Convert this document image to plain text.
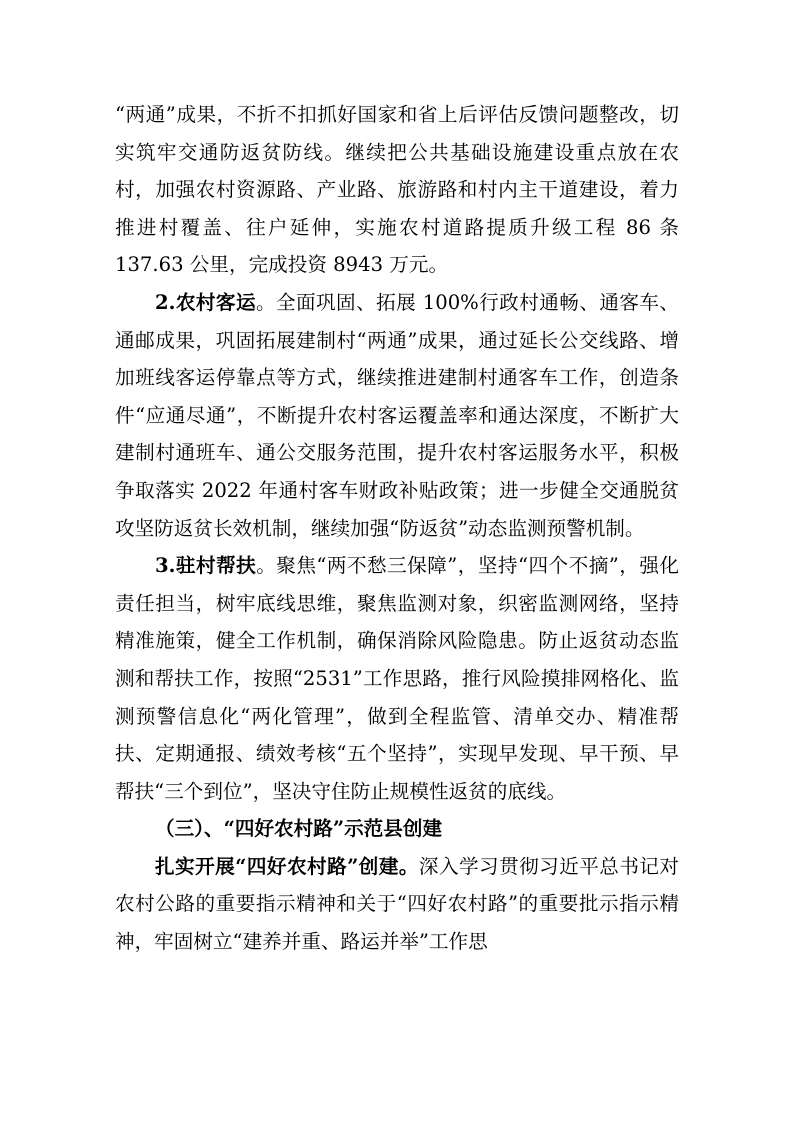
“两通”成果，不折不扣抓好国家和省上后评估反馈问题整改，切实筑牢交通防返贫防线。继续把公共基础设施建设重点放在农村，加强农村资源路、产业路、旅游路和村内主干道建设，着力推进村覆盖、往户延伸，实施农村道路提质升级工程 86 条 137.63 公里，完成投资 8943 万元。

2.农村客运。全面巩固、拓展 100%行政村通畅、通客车、通邮成果，巩固拓展建制村“两通”成果，通过延长公交线路、增加班线客运停靠点等方式，继续推进建制村通客车工作，创造条件“应通尽通”，不断提升农村客运覆盖率和通达深度，不断扩大建制村通班车、通公交服务范围，提升农村客运服务水平，积极争取落实 2022 年通村客车财政补贴政策；进一步健全交通脱贫攻坚防返贫长效机制，继续加强“防返贫”动态监测预警机制。

3.驻村帮扶。聚焦“两不愁三保障”，坚持“四个不摘”，强化责任担当，树牢底线思维，聚焦监测对象，织密监测网络，坚持精准施策，健全工作机制，确保消除风险隐患。防止返贫动态监测和帮扶工作，按照“2531”工作思路，推行风险摸排网格化、监测预警信息化“两化管理”，做到全程监管、清单交办、精准帮扶、定期通报、绩效考核“五个坚持”，实现早发现、早干预、早帮扶“三个到位”，坚决守住防止规模性返贫的底线。

（三）、“四好农村路”示范县创建

扎实开展“四好农村路”创建。深入学习贯彻习近平总书记对农村公路的重要指示精神和关于“四好农村路”的重要批示指示精神，牢固树立“建养并重、路运并举”工作思
